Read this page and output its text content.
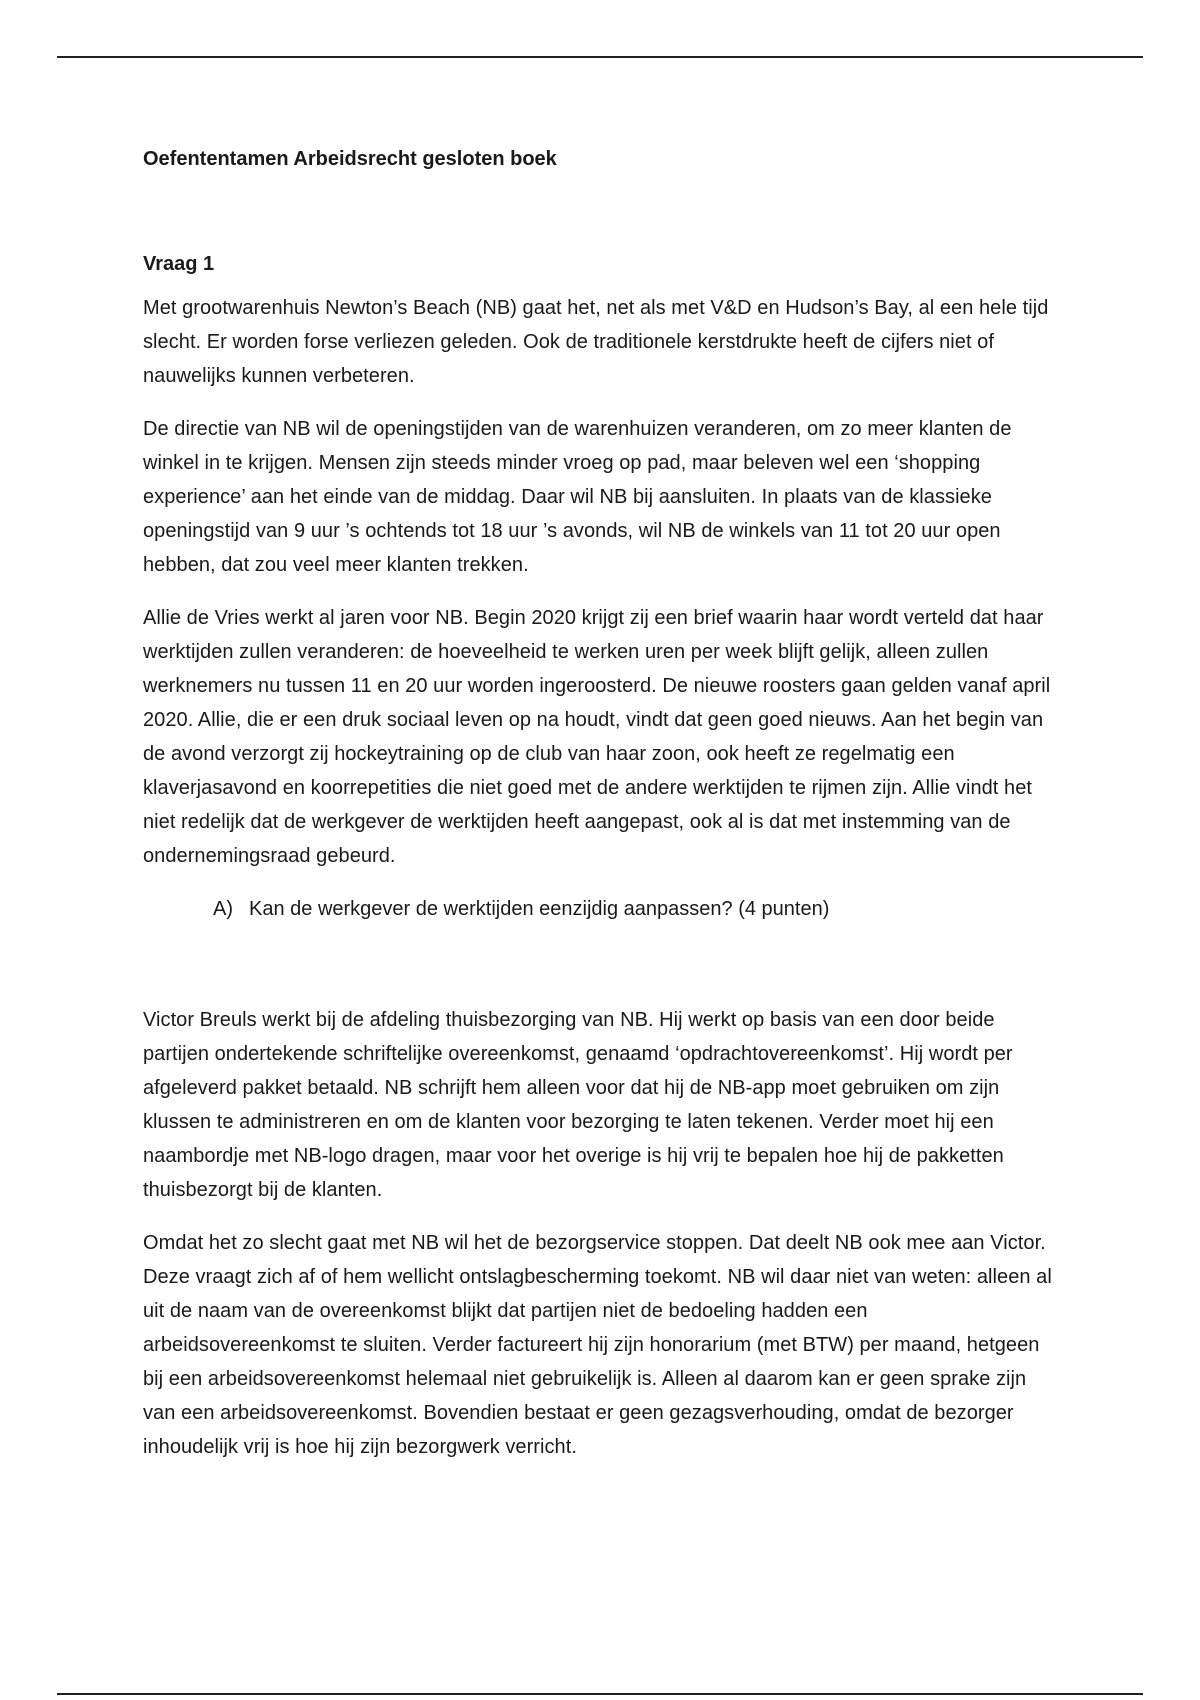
Oefententamen Arbeidsrecht gesloten boek
Vraag 1

Met grootwarenhuis Newton’s Beach (NB) gaat het, net als met V&D en Hudson’s Bay, al een hele tijd slecht. Er worden forse verliezen geleden. Ook de traditionele kerstdrukte heeft de cijfers niet of nauwelijks kunnen verbeteren.

De directie van NB wil de openingstijden van de warenhuizen veranderen, om zo meer klanten de winkel in te krijgen. Mensen zijn steeds minder vroeg op pad, maar beleven wel een ‘shopping experience’ aan het einde van de middag. Daar wil NB bij aansluiten. In plaats van de klassieke openingstijd van 9 uur ’s ochtends tot 18 uur ’s avonds, wil NB de winkels van 11 tot 20 uur open hebben, dat zou veel meer klanten trekken.

Allie de Vries werkt al jaren voor NB. Begin 2020 krijgt zij een brief waarin haar wordt verteld dat haar werktijden zullen veranderen: de hoeveelheid te werken uren per week blijft gelijk, alleen zullen werknemers nu tussen 11 en 20 uur worden ingeroosterd. De nieuwe roosters gaan gelden vanaf april 2020. Allie, die er een druk sociaal leven op na houdt, vindt dat geen goed nieuws. Aan het begin van de avond verzorgt zij hockeytraining op de club van haar zoon, ook heeft ze regelmatig een klaverjasavond en koorrepetities die niet goed met de andere werktijden te rijmen zijn. Allie vindt het niet redelijk dat de werkgever de werktijden heeft aangepast, ook al is dat met instemming van de ondernemingsraad gebeurd.

A) Kan de werkgever de werktijden eenzijdig aanpassen? (4 punten)

Victor Breuls werkt bij de afdeling thuisbezorging van NB. Hij werkt op basis van een door beide partijen ondertekende schriftelijke overeenkomst, genaamd ‘opdrachtovereenkomst’. Hij wordt per afgeleverd pakket betaald. NB schrijft hem alleen voor dat hij de NB-app moet gebruiken om zijn klussen te administreren en om de klanten voor bezorging te laten tekenen. Verder moet hij een naambordje met NB-logo dragen, maar voor het overige is hij vrij te bepalen hoe hij de pakketten thuisbezorgt bij de klanten.

Omdat het zo slecht gaat met NB wil het de bezorgservice stoppen. Dat deelt NB ook mee aan Victor. Deze vraagt zich af of hem wellicht ontslagbescherming toekomt. NB wil daar niet van weten: alleen al uit de naam van de overeenkomst blijkt dat partijen niet de bedoeling hadden een arbeidsovereenkomst te sluiten. Verder factureert hij zijn honorarium (met BTW) per maand, hetgeen bij een arbeidsovereenkomst helemaal niet gebruikelijk is. Alleen al daarom kan er geen sprake zijn van een arbeidsovereenkomst. Bovendien bestaat er geen gezagsverhouding, omdat de bezorger inhoudelijk vrij is hoe hij zijn bezorgwerk verricht.
